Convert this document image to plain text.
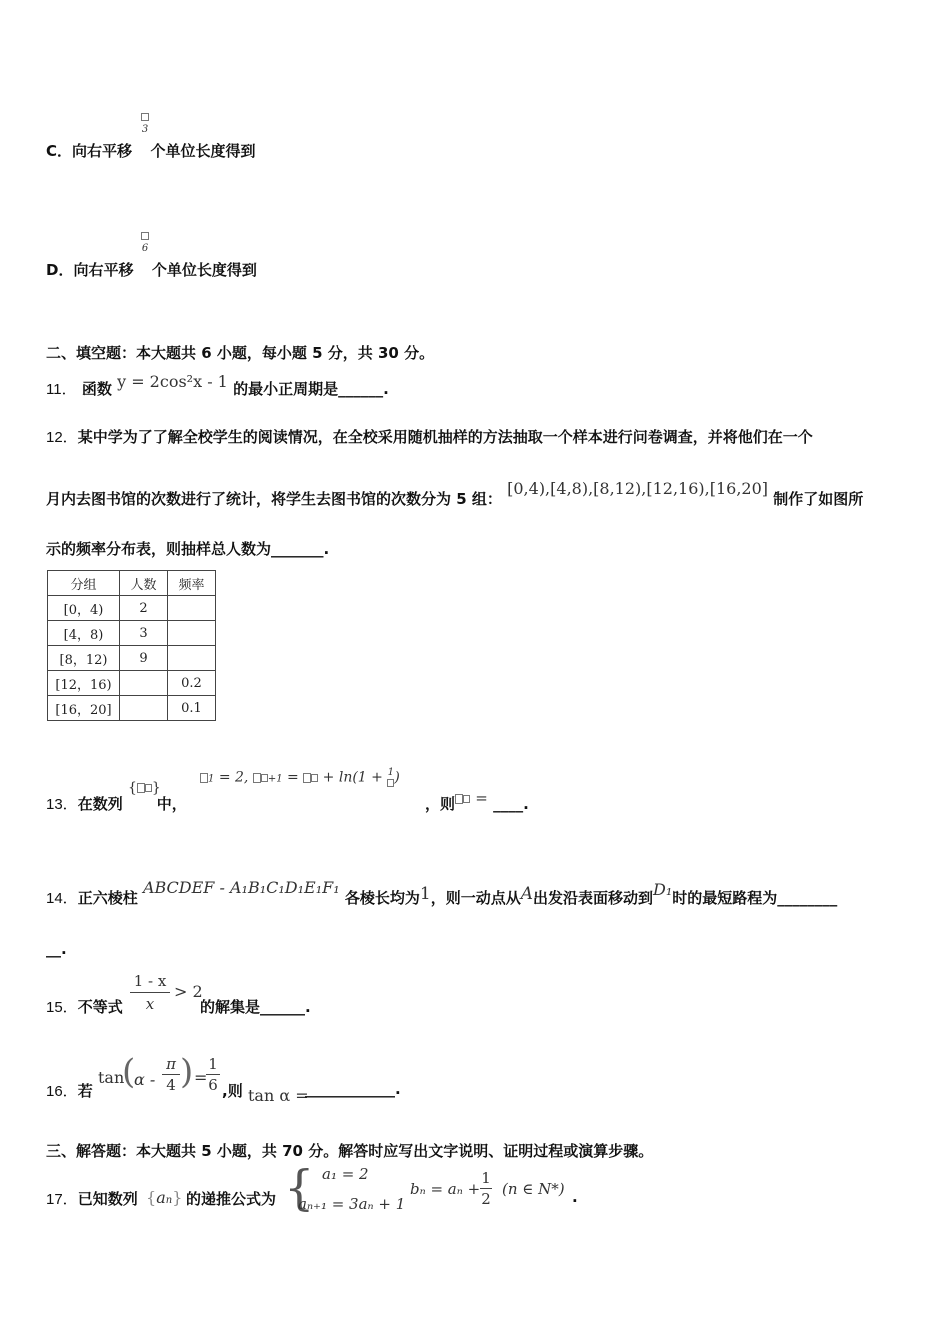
3
C．向右平移 个单位长度得到

6
D．向右平移 个单位长度得到
二、填空题：本大题共 6 小题，每小题 5 分，共 30 分。
11． 函数 y = 2cos²x - 1 的最小正周期是______.
12．某中学为了了解全校学生的阅读情况，在全校采用随机抽样的方法抽取一个样本进行问卷调查，并将他们在一个
月内去图书馆的次数进行了统计，将学生去图书馆的次数分为 5 组： [0,4),[4,8),[8,12),[12,16),[16,20] 制作了如图所
示的频率分布表，则抽样总人数为_______.
分组	人数	频率
[0，4)	2	
[4，8)	3	
[8，12)	9	
[12，16)		0.2
[16，20]		0.1
{ }
1 = 2, +1 =  + ln(1 + 1
)
13．在数列 中，	，则 = ____.
14．正六棱柱 ABCDEF - A₁B₁C₁D₁E₁F₁ 各棱长均为1，则一动点从A出发沿表面移动到D₁时的最短路程为________
__.
1 - x

x
> 2
15．不等式	的解集是______.
16．若
tan
(
α -
π

4 ) =
1

6 ,则 tan α =
____________.
三、解答题：本大题共 5 小题，共 70 分。解答时应写出文字说明、证明过程或演算步骤。
17．已知数列 {an} 的递推公式为 { a₁ = 2
aₙ₊₁ = 3aₙ + 1
bₙ = aₙ +
1

2
(n ∈ N*) .
